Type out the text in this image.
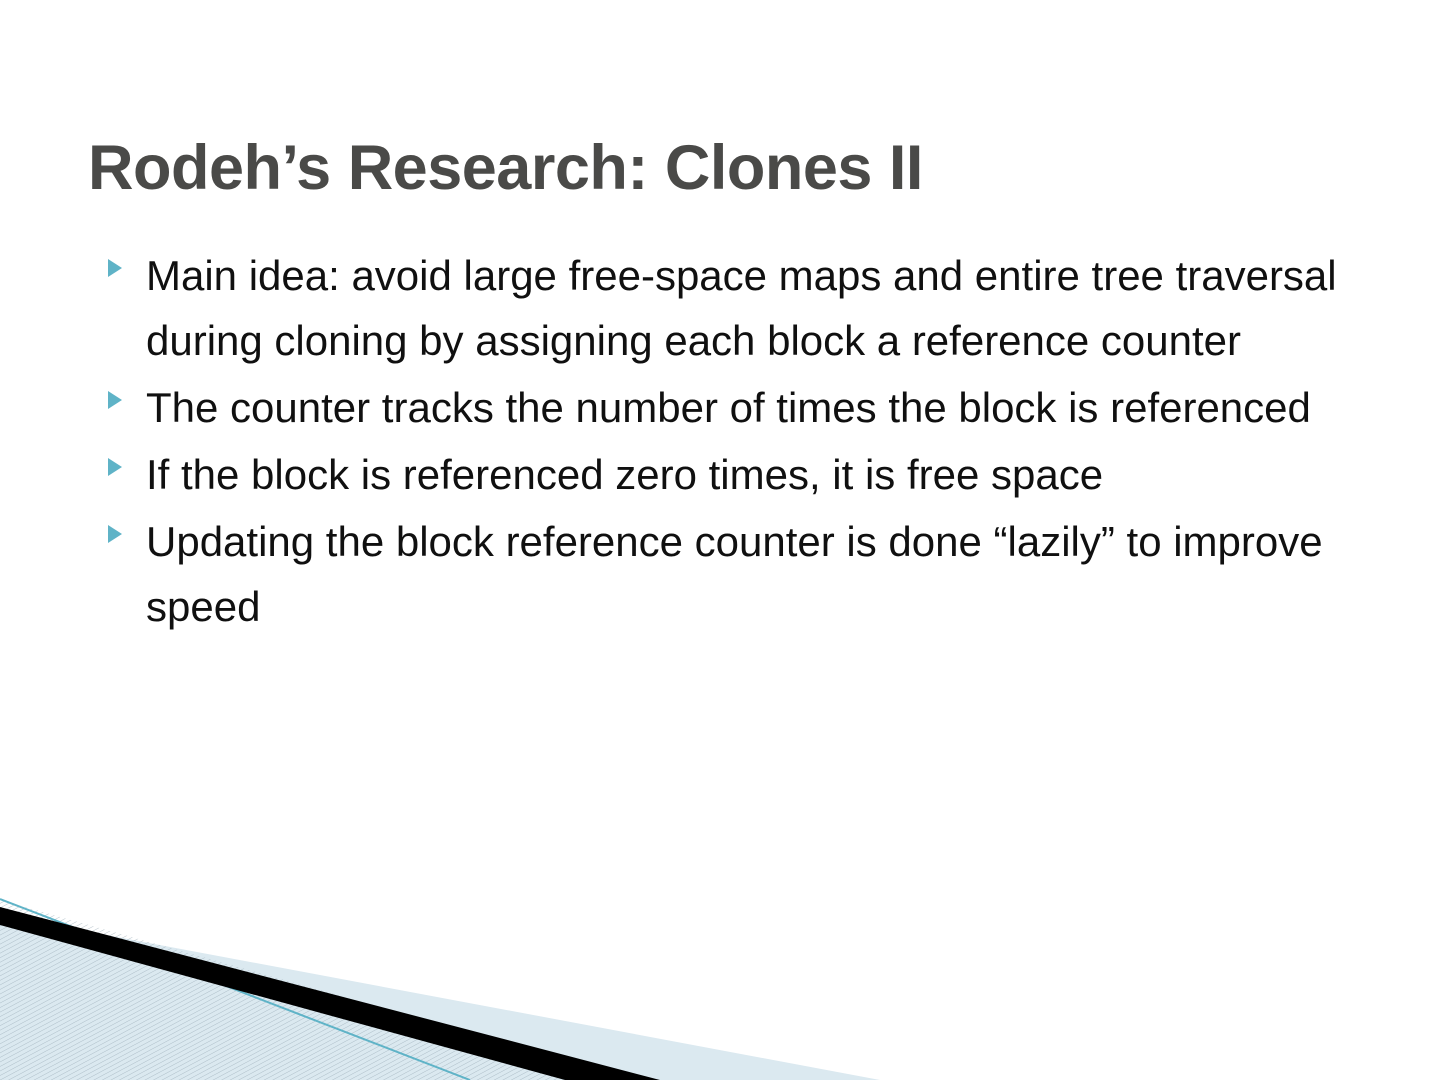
Rodeh’s Research: Clones II
Main idea: avoid large free-space maps and entire tree traversal during cloning by assigning each block a reference counter
The counter tracks the number of times the block is referenced
If the block is referenced zero times, it is free space
Updating the block reference counter is done “lazily” to improve speed
